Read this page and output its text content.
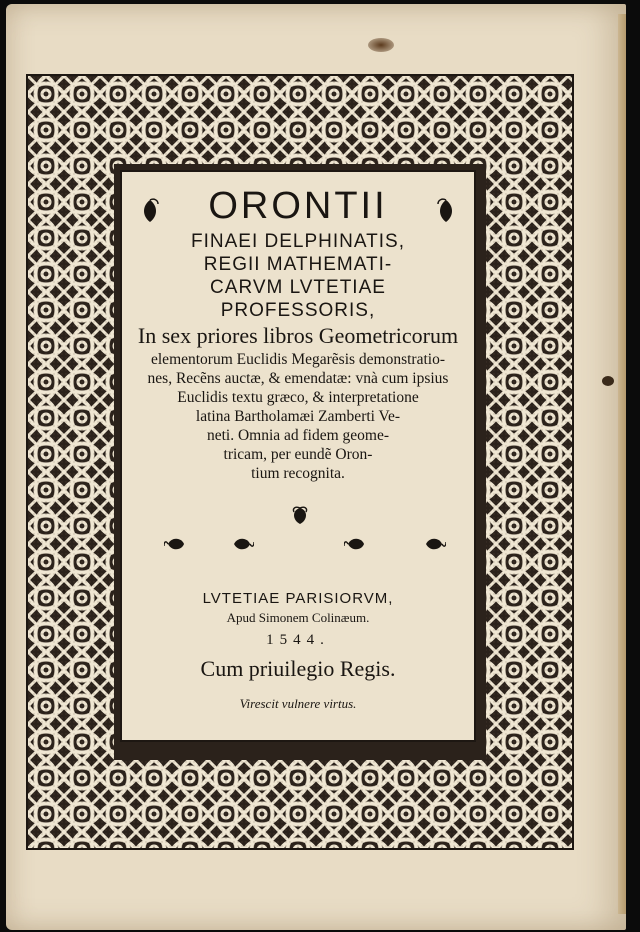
ORONTII
FINAEI DELPHINATIS,
REGII MATHEMATI-
CARVM LVTETIAE
PROFESSORIS,
In sex priores libros Geometricorum
elementorum Euclidis Megarẽsis demonstratio-
nes, Recẽns auctæ, & emendatæ: vnà cum ipsius
Euclidis textu græco, & interpretatione
latina Bartholamæi Zamberti Ve-
neti. Omnia ad fidem geome-
tricam, per eundẽ Oron-
tium recognita.
LVTETIAE PARISIORVM,
Apud Simonem Colinæum.
1544.
Cum priuilegio Regis.
Virescit vulnere virtus.
